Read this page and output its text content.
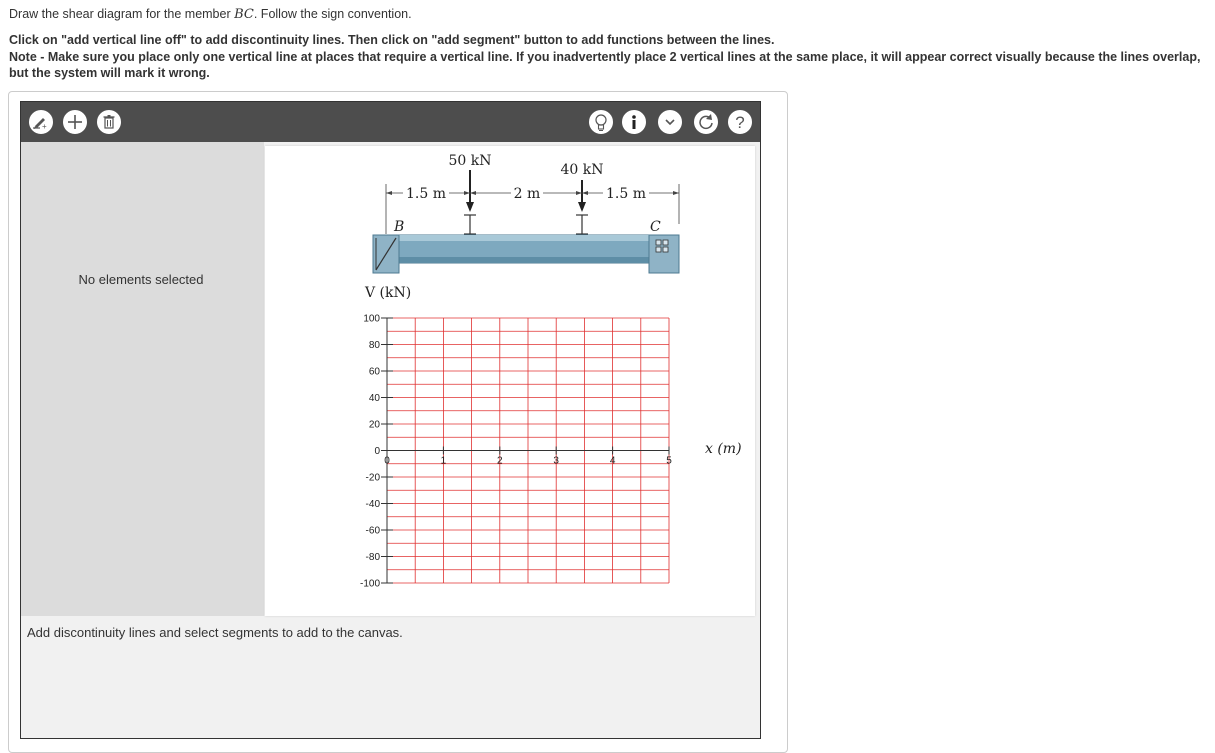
Draw the shear diagram for the member BC. Follow the sign convention.
Click on "add vertical line off" to add discontinuity lines. Then click on "add segment" button to add functions between the lines.
Note - Make sure you place only one vertical line at places that require a vertical line. If you inadvertently place 2 vertical lines at the same place, it will appear correct visually because the lines overlap, but the system will mark it wrong.
+	?
No elements selected
50 kN
40 kN
1.5 m	2 m	1.5 m
B	C
V (kN)
x (m)
100
80
60
40
20
0
-20
-40
-60
-80
-100
0	1	2	3	4	5
Add discontinuity lines and select segments to add to the canvas.
